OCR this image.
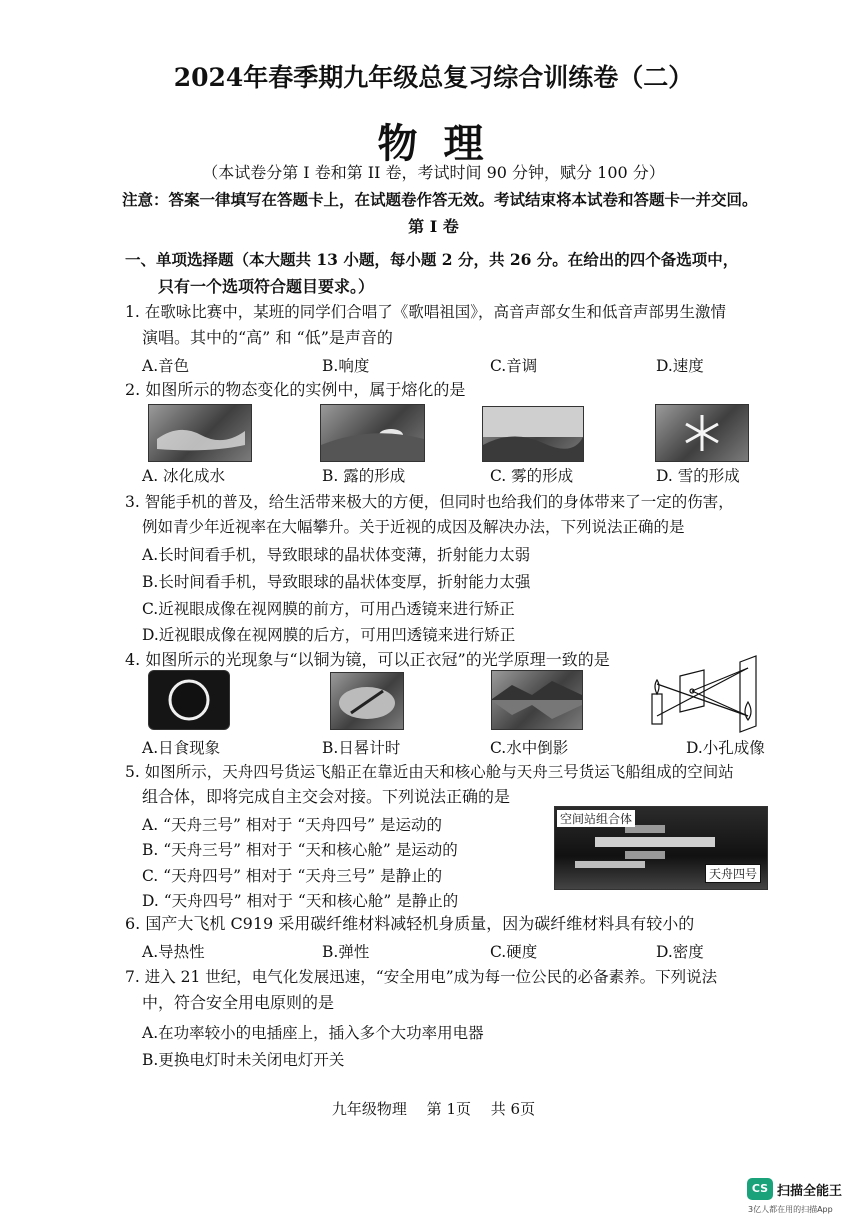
2024年春季期九年级总复习综合训练卷（二）
物 理
（本试卷分第 I 卷和第 II 卷，考试时间 90 分钟，赋分 100 分）
注意：答案一律填写在答题卡上，在试题卷作答无效。考试结束将本试卷和答题卡一并交回。
第 I 卷
一、单项选择题（本大题共 13 小题，每小题 2 分，共 26 分。在给出的四个备选项中，
只有一个选项符合题目要求。）
1. 在歌咏比赛中，某班的同学们合唱了《歌唱祖国》，高音声部女生和低音声部男生激情
演唱。其中的“高” 和 “低”是声音的
A.音色	B.响度	C.音调	D.速度
2. 如图所示的物态变化的实例中，属于熔化的是
A. 冰化成水	B. 露的形成	C. 雾的形成	D. 雪的形成
3. 智能手机的普及，给生活带来极大的方便，但同时也给我们的身体带来了一定的伤害，
例如青少年近视率在大幅攀升。关于近视的成因及解决办法，下列说法正确的是
A.长时间看手机，导致眼球的晶状体变薄，折射能力太弱
B.长时间看手机，导致眼球的晶状体变厚，折射能力太强
C.近视眼成像在视网膜的前方，可用凸透镜来进行矫正
D.近视眼成像在视网膜的后方，可用凹透镜来进行矫正
4. 如图所示的光现象与“以铜为镜，可以正衣冠”的光学原理一致的是
A.日食现象	B.日晷计时	C.水中倒影	D.小孔成像
5. 如图所示，天舟四号货运飞船正在靠近由天和核心舱与天舟三号货运飞船组成的空间站
组合体，即将完成自主交会对接。下列说法正确的是
A. “天舟三号” 相对于 “天舟四号” 是运动的
B. “天舟三号” 相对于 “天和核心舱” 是运动的
C. “天舟四号” 相对于 “天舟三号” 是静止的
D. “天舟四号” 相对于 “天和核心舱” 是静止的
空间站组合体
天舟四号
6. 国产大飞机 C919 采用碳纤维材料减轻机身质量，因为碳纤维材料具有较小的
A.导热性	B.弹性	C.硬度	D.密度
7. 进入 21 世纪，电气化发展迅速，“安全用电”成为每一位公民的必备素养。下列说法
中，符合安全用电原则的是
A.在功率较小的电插座上，插入多个大功率用电器
B.更换电灯时未关闭电灯开关
九年级物理　 第 1页　 共 6页
CS 扫描全能王
3亿人都在用的扫描App
